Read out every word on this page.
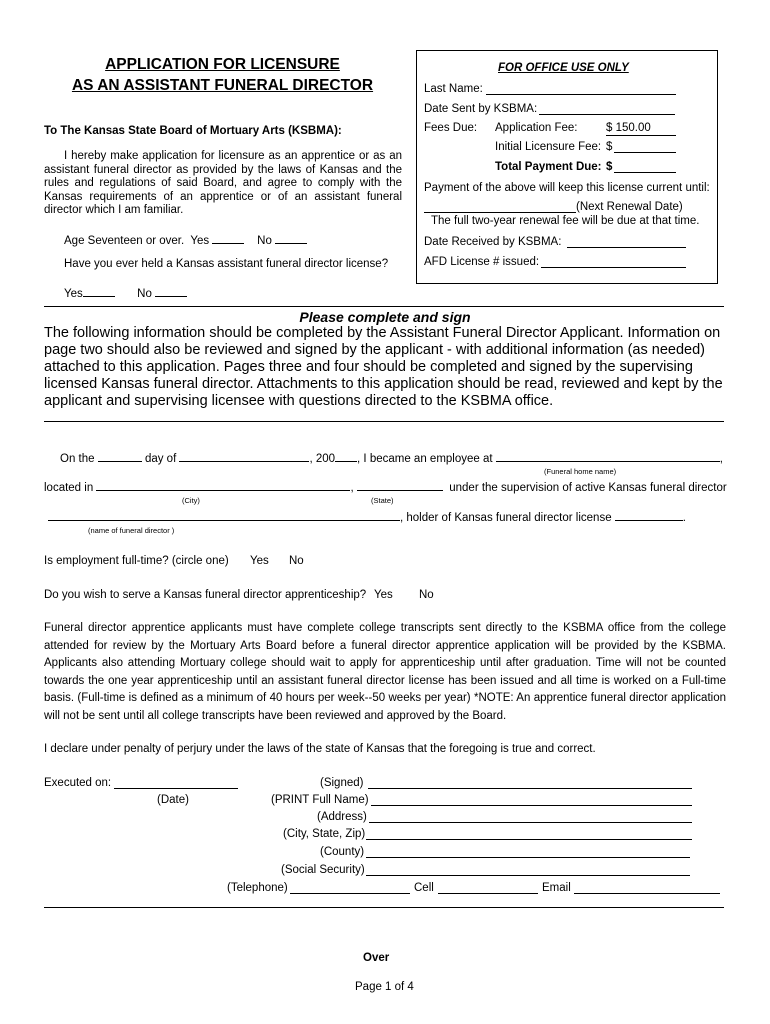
APPLICATION FOR LICENSURE
AS AN ASSISTANT FUNERAL DIRECTOR
FOR OFFICE USE ONLY
Last Name:
Date Sent by KSBMA:
Fees Due: Application Fee: $ 150.00
Initial Licensure Fee: $
Total Payment Due: $
Payment of the above will keep this license current until:
(Next Renewal Date)
The full two-year renewal fee will be due at that time.
Date Received by KSBMA:
AFD License # issued:
To The Kansas State Board of Mortuary Arts (KSBMA):
I hereby make application for licensure as an apprentice or as an assistant funeral director as provided by the laws of Kansas and the rules and regulations of said Board, and agree to comply with the Kansas requirements of an apprentice or of an assistant funeral director which I am familiar.
Age Seventeen or over. Yes	No
Have you ever held a Kansas assistant funeral director license?
Yes	No
Please complete and sign
The following information should be completed by the Assistant Funeral Director Applicant. Information on page two should also be reviewed and signed by the applicant - with additional information (as needed) attached to this application. Pages three and four should be completed and signed by the supervising licensed Kansas funeral director. Attachments to this application should be read, reviewed and kept by the applicant and supervising licensee with questions directed to the KSBMA office.
On the	day of	, 200 , I became an employee at	,
(Funeral home name)
located in	,	under the supervision of active Kansas funeral director
(City)	(State)
, holder of Kansas funeral director license	.
(name of funeral director )
Is employment full-time? (circle one) Yes No
Do you wish to serve a Kansas funeral director apprenticeship? Yes No
Funeral director apprentice applicants must have complete college transcripts sent directly to the KSBMA office from the college attended for review by the Mortuary Arts Board before a funeral director apprentice application will be provided by the KSBMA. Applicants also attending Mortuary college should wait to apply for apprenticeship until after graduation. Time will not be counted towards the one year apprenticeship until an assistant funeral director license has been issued and all time is worked on a Full-time basis. (Full-time is defined as a minimum of 40 hours per week--50 weeks per year) *NOTE: An apprentice funeral director application will not be sent until all college transcripts have been reviewed and approved by the Board.
I declare under penalty of perjury under the laws of the state of Kansas that the foregoing is true and correct.
Executed on:
(Date)
(Signed)
(PRINT Full Name)
(Address)
(City, State, Zip)
(County)
(Social Security)
(Telephone)	Cell	Email
Over
Page 1 of 4
